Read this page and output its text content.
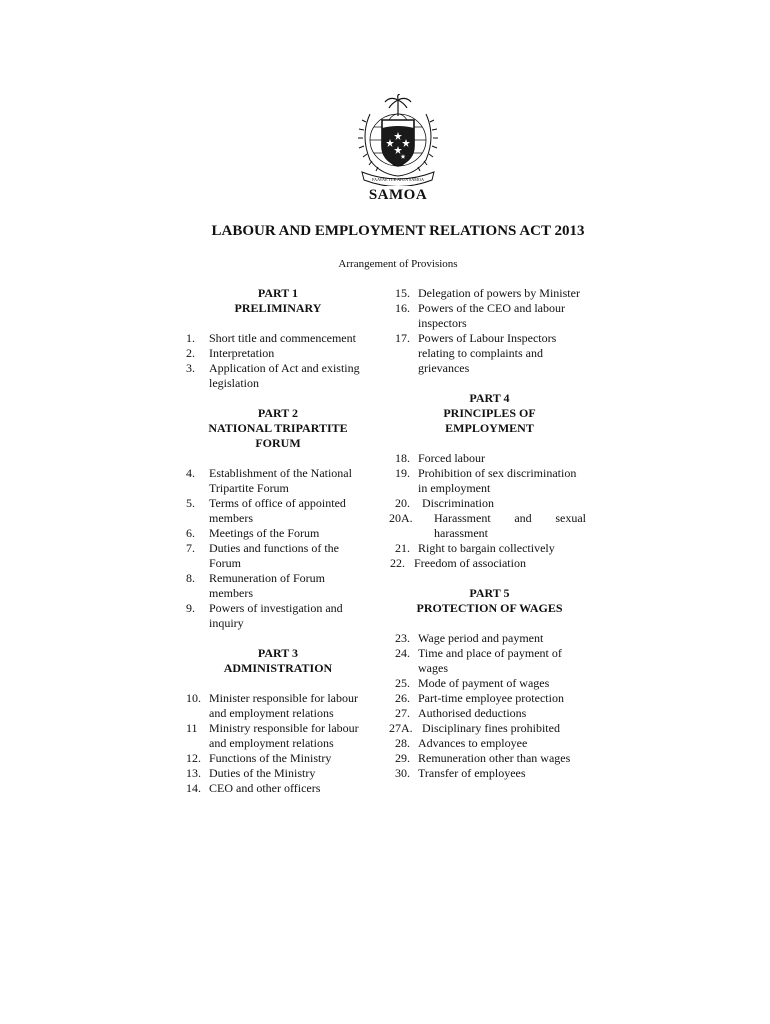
FAAVAE I LE ATUA SAMOA
SAMOA
LABOUR AND EMPLOYMENT RELATIONS ACT 2013
Arrangement of Provisions
PART 1
PRELIMINARY
1. Short title and commencement
2. Interpretation
3. Application of Act and existing legislation
PART 2
NATIONAL TRIPARTITE FORUM
4. Establishment of the National Tripartite Forum
5. Terms of office of appointed members
6. Meetings of the Forum
7. Duties and functions of the Forum
8. Remuneration of Forum members
9. Powers of investigation and inquiry
PART 3
ADMINISTRATION
10. Minister responsible for labour and employment relations
11 Ministry responsible for labour and employment relations
12. Functions of the Ministry
13. Duties of the Ministry
14. CEO and other officers
15. Delegation of powers by Minister
16. Powers of the CEO and labour inspectors
17. Powers of Labour Inspectors relating to complaints and grievances
PART 4
PRINCIPLES OF EMPLOYMENT
18. Forced labour
19. Prohibition of sex discrimination in employment
20.	Discrimination
20A.	Harassment and sexual harassment
21. Right to bargain collectively
22. Freedom of association
PART 5
PROTECTION OF WAGES
23. Wage period and payment
24. Time and place of payment of wages
25. Mode of payment of wages
26. Part-time employee protection
27. Authorised deductions
27A. Disciplinary fines prohibited
28. Advances to employee
29. Remuneration other than wages
30. Transfer of employees
